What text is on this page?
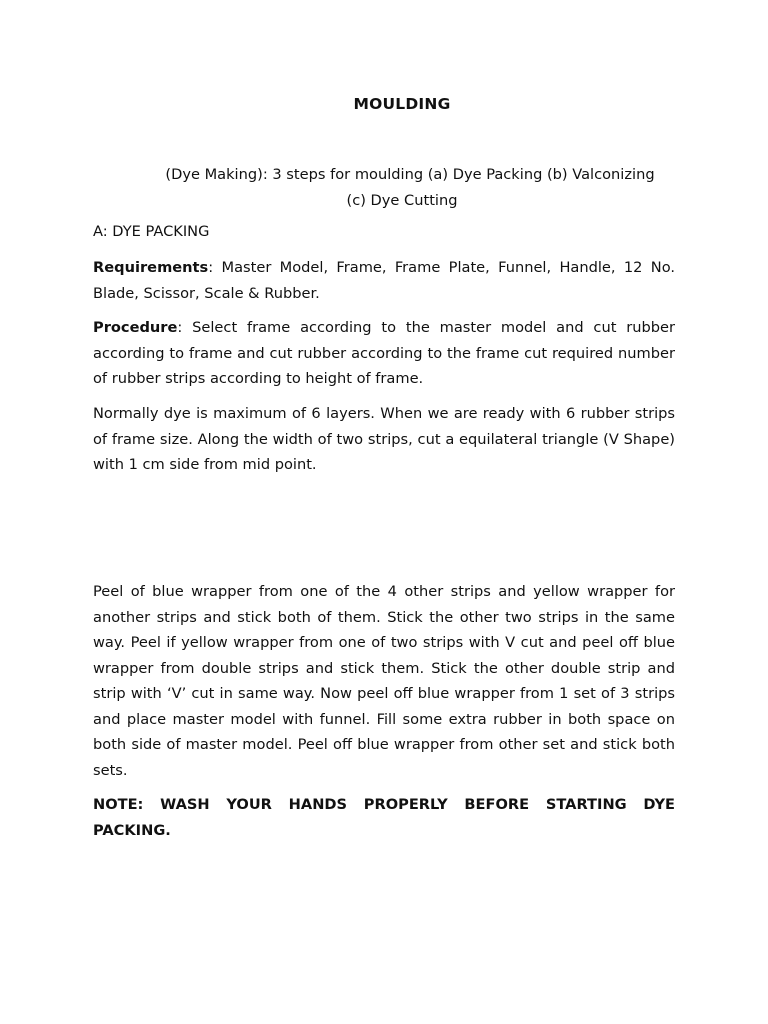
MOULDING

(Dye Making): 3 steps for moulding (a) Dye Packing (b) Valconizing
(c) Dye Cutting

A: DYE PACKING

Requirements: Master Model, Frame, Frame Plate, Funnel, Handle, 12 No. Blade, Scissor, Scale & Rubber.

Procedure: Select frame according to the master model and cut rubber according to frame and cut rubber according to the frame cut required number of rubber strips according to height of frame.

Normally dye is maximum of 6 layers. When we are ready with 6 rubber strips of frame size. Along the width of two strips, cut a equilateral triangle (V Shape) with 1 cm side from mid point.

Peel of blue wrapper from one of the 4 other strips and yellow wrapper for another strips and stick both of them. Stick the other two strips in the same way. Peel if yellow wrapper from one of two strips with V cut and peel off blue wrapper from double strips and stick them. Stick the other double strip and strip with ‘V’ cut in same way. Now peel off blue wrapper from 1 set of 3 strips and place master model with funnel. Fill some extra rubber in both space on both side of master model. Peel off blue wrapper from other set and stick both sets.

NOTE: WASH YOUR HANDS PROPERLY BEFORE STARTING DYE PACKING.
